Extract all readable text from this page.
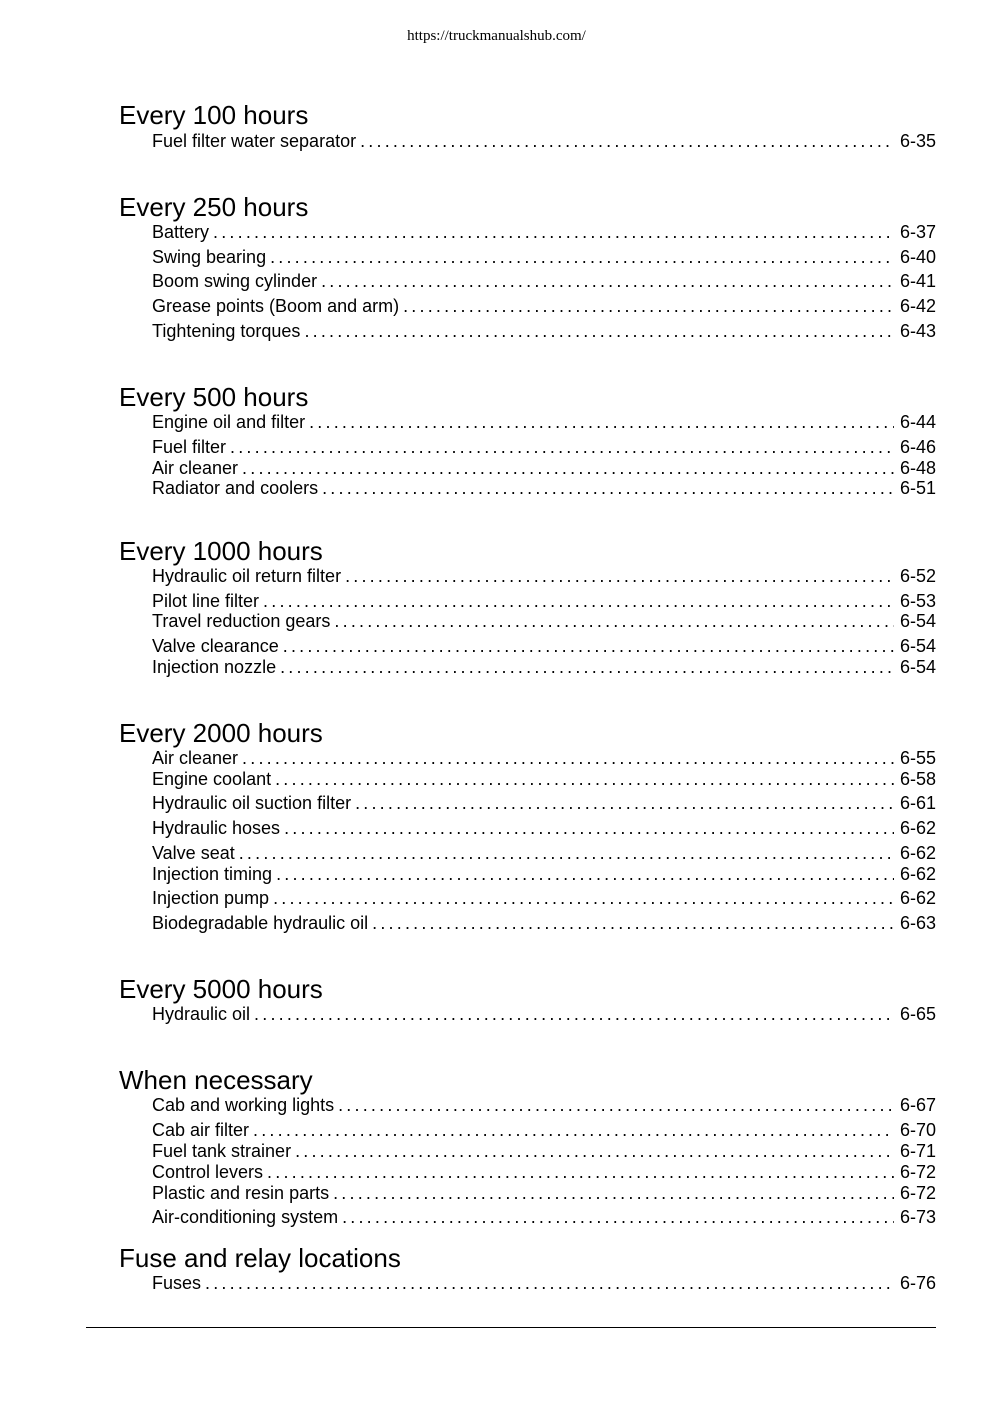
https://truckmanualshub.com/
Every 100 hours
Fuel filter water separator . . .	6-35
Every 250 hours
Battery . . .	6-37
Swing bearing . . .	6-40
Boom swing cylinder . . .	6-41
Grease points (Boom and arm) . . .	6-42
Tightening torques . . .	6-43
Every 500 hours
Engine oil and filter . . .	6-44
Fuel filter . . .	6-46
Air cleaner . . .	6-48
Radiator and coolers . . .	6-51
Every 1000 hours
Hydraulic oil return filter . . .	6-52
Pilot line filter . . .	6-53
Travel reduction gears . . .	6-54
Valve clearance . . .	6-54
Injection nozzle . . .	6-54
Every 2000 hours
Air cleaner . . .	6-55
Engine coolant . . .	6-58
Hydraulic oil suction filter . . .	6-61
Hydraulic hoses . . .	6-62
Valve seat . . .	6-62
Injection timing . . .	6-62
Injection pump . . .	6-62
Biodegradable hydraulic oil . . .	6-63
Every 5000 hours
Hydraulic oil . . .	6-65
When necessary
Cab and working lights . . .	6-67
Cab air filter . . .	6-70
Fuel tank strainer . . .	6-71
Control levers . . .	6-72
Plastic and resin parts . . .	6-72
Air-conditioning system . . .	6-73
Fuse and relay locations
Fuses . . .	6-76
